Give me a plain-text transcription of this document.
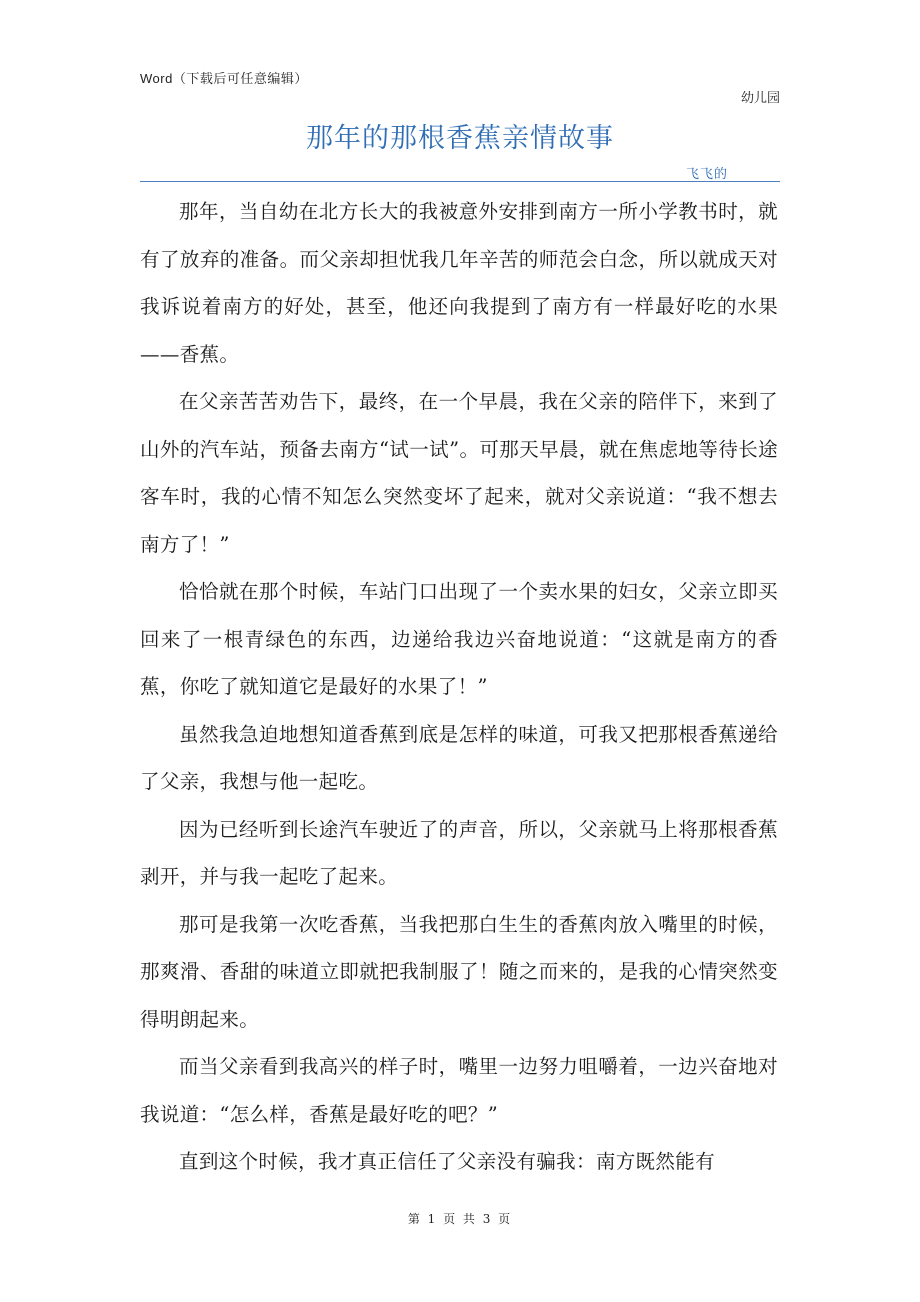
Word（下载后可任意编辑）
幼儿园
那年的那根香蕉亲情故事
飞飞的

那年，当自幼在北方长大的我被意外安排到南方一所小学教书时，就有了放弃的准备。而父亲却担忧我几年辛苦的师范会白念，所以就成天对我诉说着南方的好处，甚至，他还向我提到了南方有一样最好吃的水果——香蕉。

在父亲苦苦劝告下，最终，在一个早晨，我在父亲的陪伴下，来到了山外的汽车站，预备去南方“试一试”。可那天早晨，就在焦虑地等待长途客车时，我的心情不知怎么突然变坏了起来，就对父亲说道：“我不想去南方了！”

恰恰就在那个时候，车站门口出现了一个卖水果的妇女，父亲立即买回来了一根青绿色的东西，边递给我边兴奋地说道：“这就是南方的香蕉，你吃了就知道它是最好的水果了！”

虽然我急迫地想知道香蕉到底是怎样的味道，可我又把那根香蕉递给了父亲，我想与他一起吃。

因为已经听到长途汽车驶近了的声音，所以，父亲就马上将那根香蕉剥开，并与我一起吃了起来。

那可是我第一次吃香蕉，当我把那白生生的香蕉肉放入嘴里的时候，那爽滑、香甜的味道立即就把我制服了！随之而来的，是我的心情突然变得明朗起来。

而当父亲看到我高兴的样子时，嘴里一边努力咀嚼着，一边兴奋地对我说道：“怎么样，香蕉是最好吃的吧？”

直到这个时候，我才真正信任了父亲没有骗我：南方既然能有

第 1 页 共 3 页
